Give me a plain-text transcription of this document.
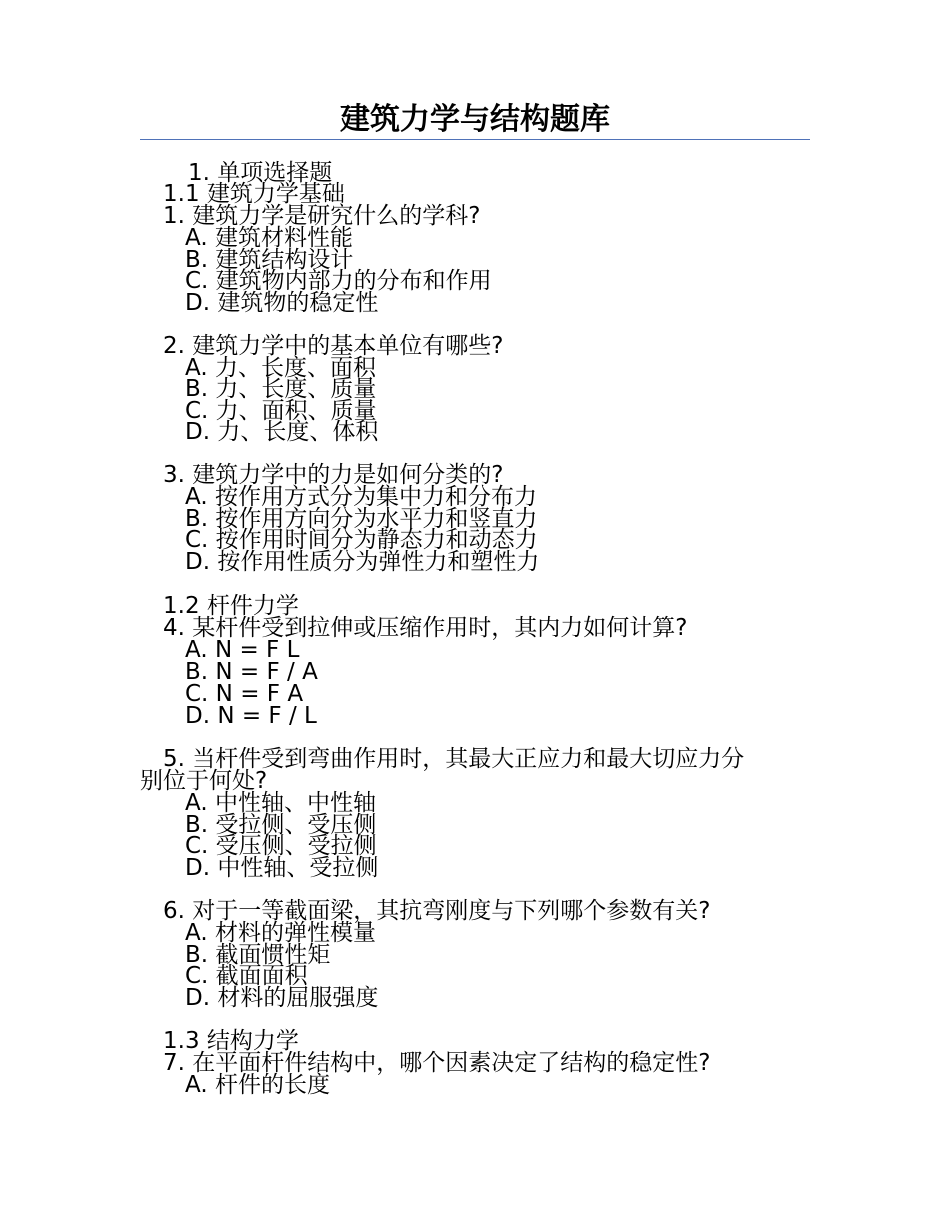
建筑力学与结构题库
1. 单项选择题
1.1 建筑力学基础
1. 建筑力学是研究什么的学科?
A. 建筑材料性能
B. 建筑结构设计
C. 建筑物内部力的分布和作用
D. 建筑物的稳定性
2. 建筑力学中的基本单位有哪些?
A. 力、长度、面积
B. 力、长度、质量
C. 力、面积、质量
D. 力、长度、体积
3. 建筑力学中的力是如何分类的?
A. 按作用方式分为集中力和分布力
B. 按作用方向分为水平力和竖直力
C. 按作用时间分为静态力和动态力
D. 按作用性质分为弹性力和塑性力
1.2 杆件力学
4. 某杆件受到拉伸或压缩作用时，其内力如何计算?
A. N = F L
B. N = F / A
C. N = F A
D. N = F / L
5. 当杆件受到弯曲作用时，其最大正应力和最大切应力分
别位于何处?
A. 中性轴、中性轴
B. 受拉侧、受压侧
C. 受压侧、受拉侧
D. 中性轴、受拉侧
6. 对于一等截面梁，其抗弯刚度与下列哪个参数有关?
A. 材料的弹性模量
B. 截面惯性矩
C. 截面面积
D. 材料的屈服强度
1.3 结构力学
7. 在平面杆件结构中，哪个因素决定了结构的稳定性?
A. 杆件的长度
